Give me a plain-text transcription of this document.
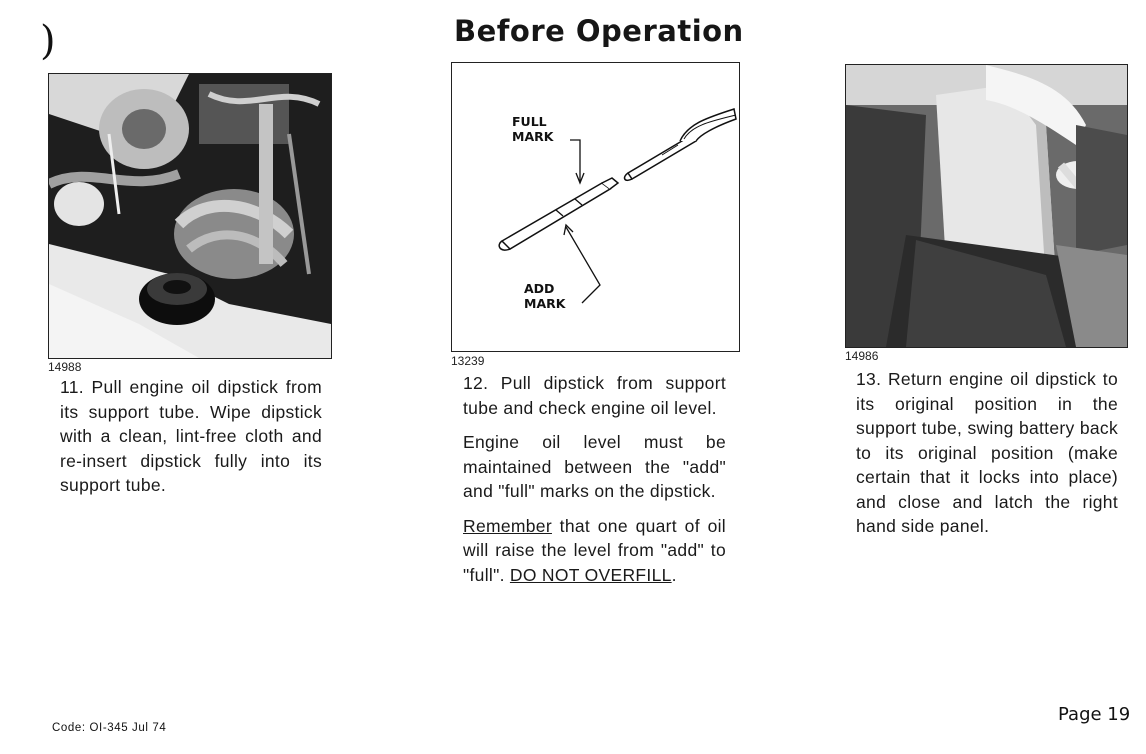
)	Before Operation
14988
FULL
MARK
ADD
MARK
13239	14986

11. Pull engine oil dipstick from its support tube. Wipe dipstick with a clean, lint-free cloth and re-insert dipstick fully into its support tube.

12. Pull dipstick from support tube and check engine oil level.

Engine oil level must be maintained between the "add" and "full" marks on the dipstick.

Remember that one quart of oil will raise the level from "add" to "full". DO NOT OVERFILL.

13. Return engine oil dipstick to its original position in the support tube, swing battery back to its original position (make certain that it locks into place) and close and latch the right hand side panel.

Code: OI-345 Jul 74
Page 19
